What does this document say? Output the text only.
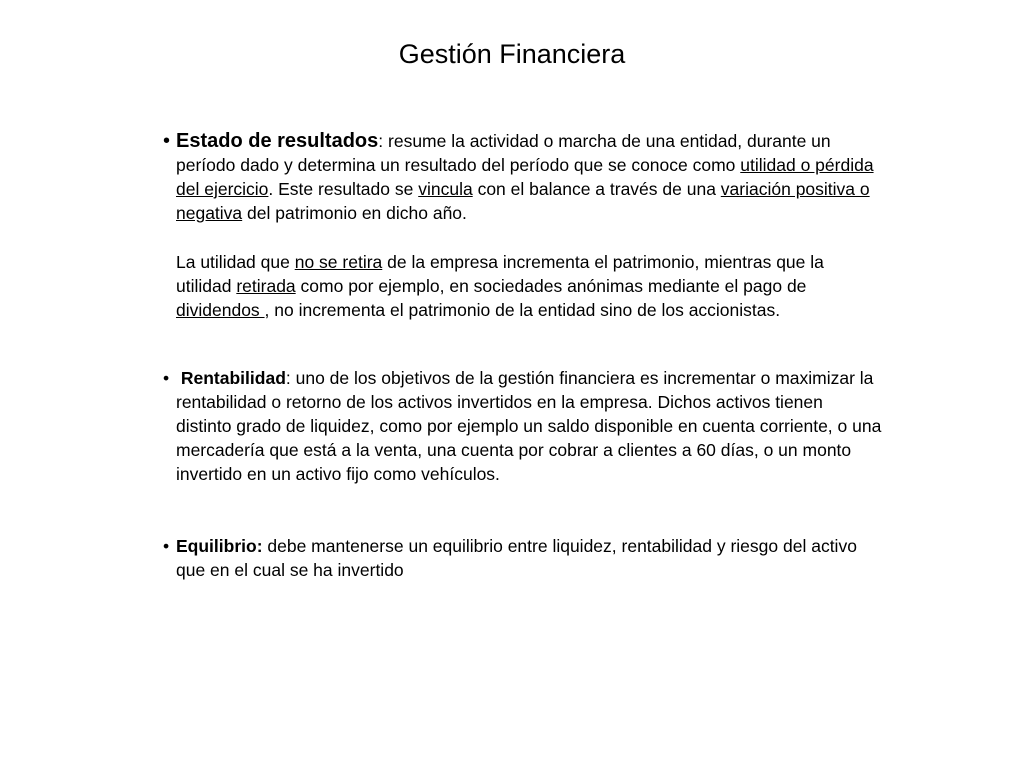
Gestión Financiera
• Estado de resultados: resume la actividad o marcha de una entidad, durante un período dado y determina un resultado del período que se conoce como utilidad o pérdida del ejercicio. Este resultado se vincula con el balance a través de una variación positiva o negativa del patrimonio en dicho año.
La utilidad que no se retira de la empresa incrementa el patrimonio, mientras que la utilidad retirada como por ejemplo, en sociedades anónimas mediante el pago de dividendos , no incrementa el patrimonio de la entidad sino de los accionistas.
• Rentabilidad: uno de los objetivos de la gestión financiera es incrementar o maximizar la rentabilidad o retorno de los activos invertidos en la empresa. Dichos activos tienen distinto grado de liquidez, como por ejemplo un saldo disponible en cuenta corriente, o una mercadería que está a la venta, una cuenta por cobrar a clientes a 60 días, o un monto invertido en un activo fijo como vehículos.
• Equilibrio: debe mantenerse un equilibrio entre liquidez, rentabilidad y riesgo del activo que en el cual se ha invertido
